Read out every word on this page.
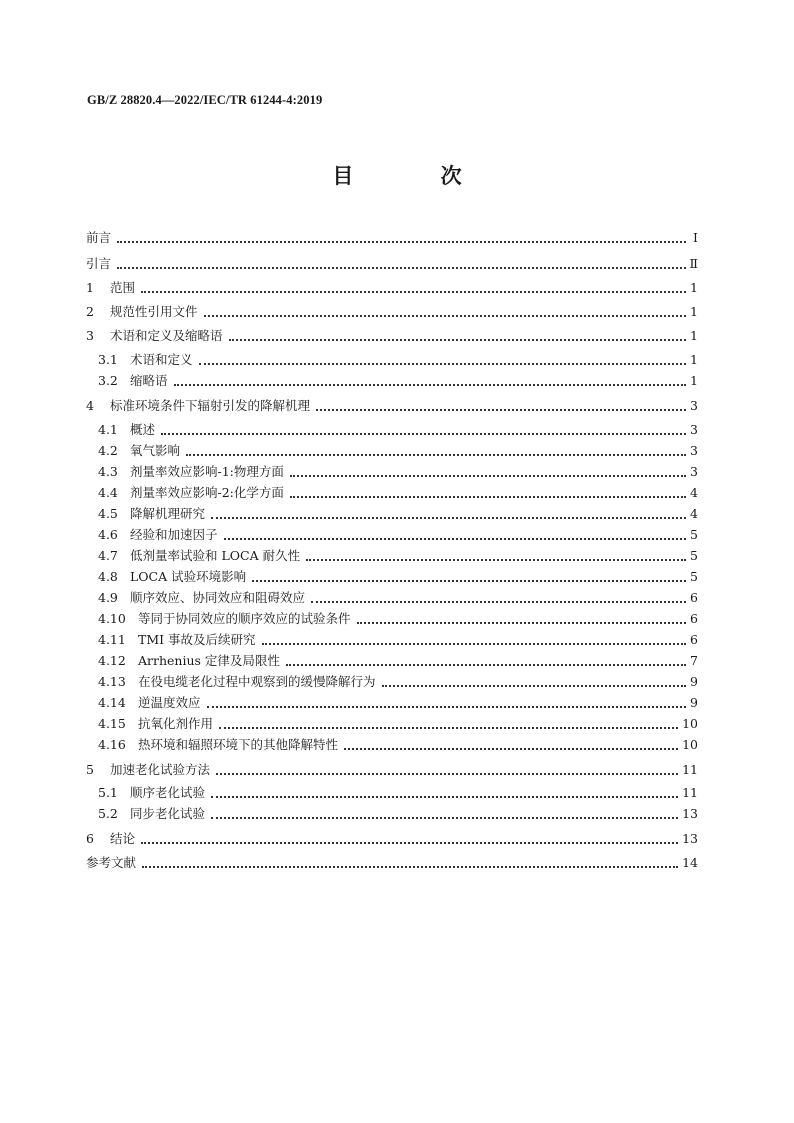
GB/Z 28820.4—2022/IEC/TR 61244-4:2019
目 次
前言	Ⅰ
引言	Ⅱ
1	范围	1
2	规范性引用文件	1
3	术语和定义及缩略语	1
3.1 术语和定义	1
3.2 缩略语	1
4	标准环境条件下辐射引发的降解机理	3
4.1 概述	3
4.2 氧气影响	3
4.3 剂量率效应影响-1:物理方面	3
4.4 剂量率效应影响-2:化学方面	4
4.5 降解机理研究	4
4.6 经验和加速因子	5
4.7 低剂量率试验和 LOCA 耐久性	5
4.8 LOCA 试验环境影响	5
4.9 顺序效应、协同效应和阻碍效应	6
4.10 等同于协同效应的顺序效应的试验条件	6
4.11 TMI 事故及后续研究	6
4.12 Arrhenius 定律及局限性	7
4.13 在役电缆老化过程中观察到的缓慢降解行为	9
4.14 逆温度效应	9
4.15 抗氧化剂作用	10
4.16 热环境和辐照环境下的其他降解特性	10
5	加速老化试验方法	11
5.1 顺序老化试验	11
5.2 同步老化试验	13
6	结论	13
参考文献	14
